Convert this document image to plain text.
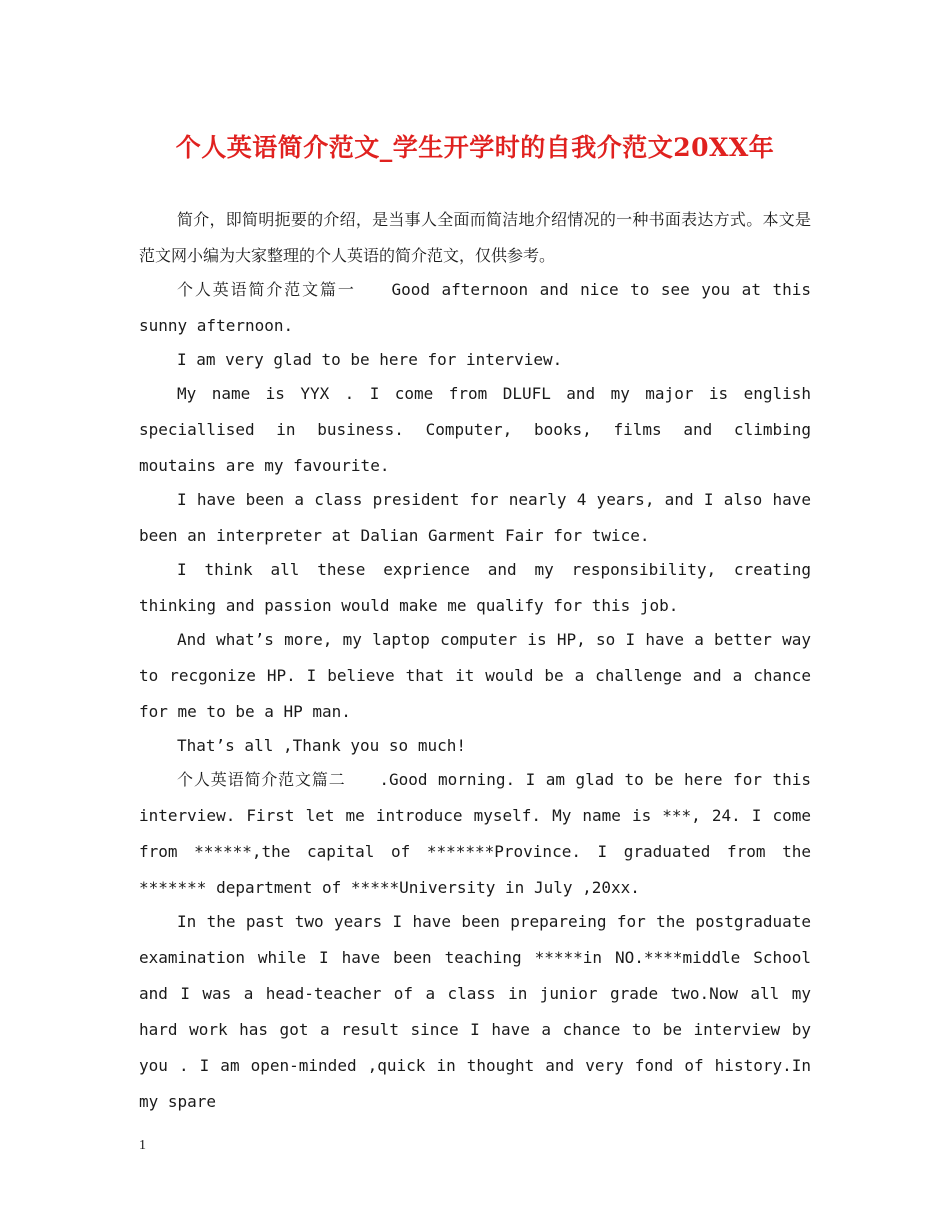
个人英语简介范文_学生开学时的自我介范文20XX年

简介，即简明扼要的介绍，是当事人全面而简洁地介绍情况的一种书面表达方式。本文是范文网小编为大家整理的个人英语的简介范文，仅供参考。

个人英语简介范文篇一　　Good afternoon and nice to see you at this sunny afternoon.

I am very glad to be here for interview.

My name is YYX . I come from DLUFL and my major is english speciallised in business. Computer, books, films and climbing moutains are my favourite.

I have been a class president for nearly 4 years, and I also have been an interpreter at Dalian Garment Fair for twice.

I think all these exprience and my responsibility, creating thinking and passion would make me qualify for this job.

And what’s more, my laptop computer is HP, so I have a better way to recgonize HP. I believe that it would be a challenge and a chance for me to be a HP man.

That’s all ,Thank you so much!

个人英语简介范文篇二　　.Good morning. I am glad to be here for this interview. First let me introduce myself. My name is ***, 24. I come from ******,the capital of *******Province. I graduated from the ******* department of *****University in July ,20xx.

In the past two years I have been prepareing for the postgraduate examination while I have been teaching *****in NO.****middle School and I was a head-teacher of a class in junior grade two.Now all my hard work has got a result since I have a chance to be interview by you . I am open-minded ,quick in thought and very fond of history.In my spare

1
